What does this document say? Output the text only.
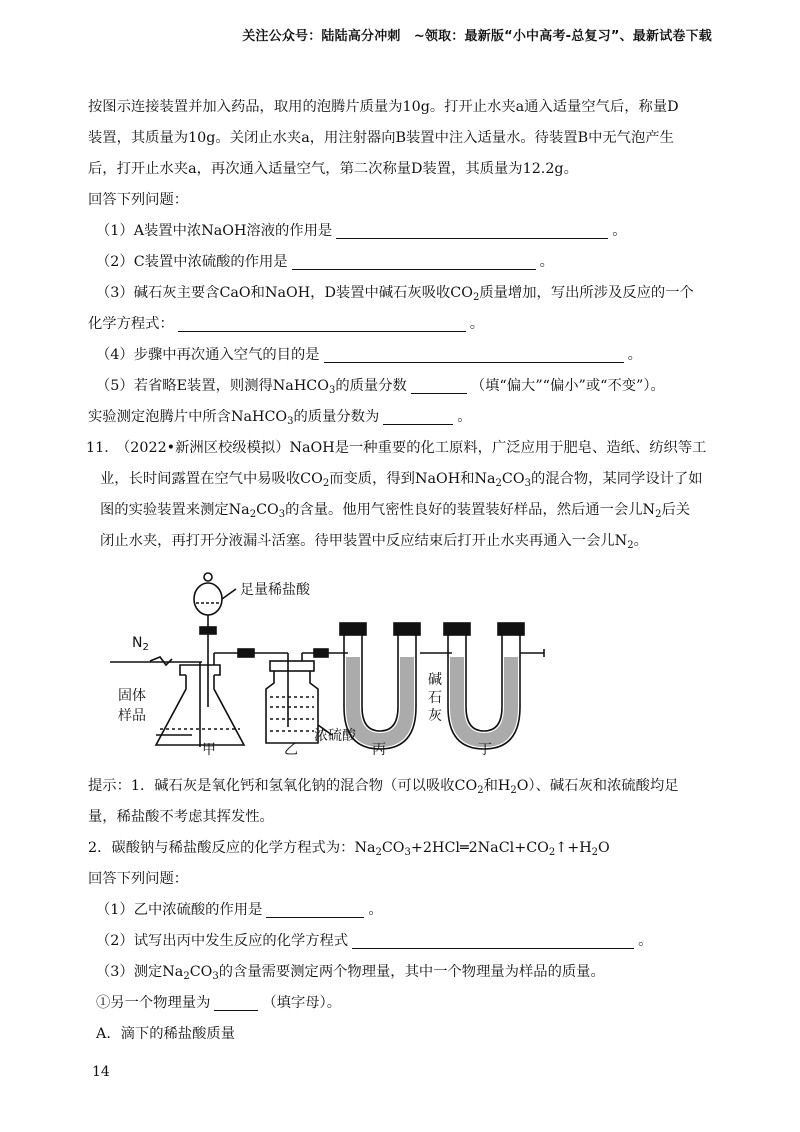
关注公众号：陆陆高分冲刺　~领取：最新版“小中高考-总复习”、最新试卷下载
按图示连接装置并加入药品，取用的泡腾片质量为10g。打开止水夹a通入适量空气后，称量D
装置，其质量为10g。关闭止水夹a，用注射器向B装置中注入适量水。待装置B中无气泡产生
后，打开止水夹a，再次通入适量空气，第二次称量D装置，其质量为12.2g。
回答下列问题：
（1）A装置中浓NaOH溶液的作用是	。
（2）C装置中浓硫酸的作用是	。
（3）碱石灰主要含CaO和NaOH，D装置中碱石灰吸收$CO_2$质量增加，写出所涉及反应的一个
化学方程式：	。
（4）步骤中再次通入空气的目的是	。
（5）若省略E装置，则测得NaHCO$_3$的质量分数	（填“偏大”“偏小”或“不变”）。
实验测定泡腾片中所含NaHCO$_3$的质量分数为	。
11. （2022•新洲区校级模拟）NaOH是一种重要的化工原料，广泛应用于肥皂、造纸、纺织等工
业，长时间露置在空气中易吸收$CO_2$而变质，得到NaOH和$Na_2CO_3$的混合物，某同学设计了如
图的实验装置来测定$Na_2CO_3$的含量。他用气密性良好的装置装好样品，然后通一会儿$N_2$后关
闭止水夹，再打开分液漏斗活塞。待甲装置中反应结束后打开止水夹再通入一会儿$N_2$。
足量稀盐酸
$N_2$
固体
样品
浓硫酸
碱
石
灰
甲	乙	丙	丁
提示：1．碱石灰是氧化钙和氢氧化钠的混合物（可以吸收$CO_2$和$H_2O$）、碱石灰和浓硫酸均足
量，稀盐酸不考虑其挥发性。
2．碳酸钠与稀盐酸反应的化学方程式为：$Na_2CO_3+2HCl═2NaCl+CO_2↑+H_2O$
回答下列问题：
（1）乙中浓硫酸的作用是	。
（2）试写出丙中发生反应的化学方程式	。
（3）测定$Na_2CO_3$的含量需要测定两个物理量，其中一个物理量为样品的质量。
①另一个物理量为	（填字母）。
A．滴下的稀盐酸质量
14
